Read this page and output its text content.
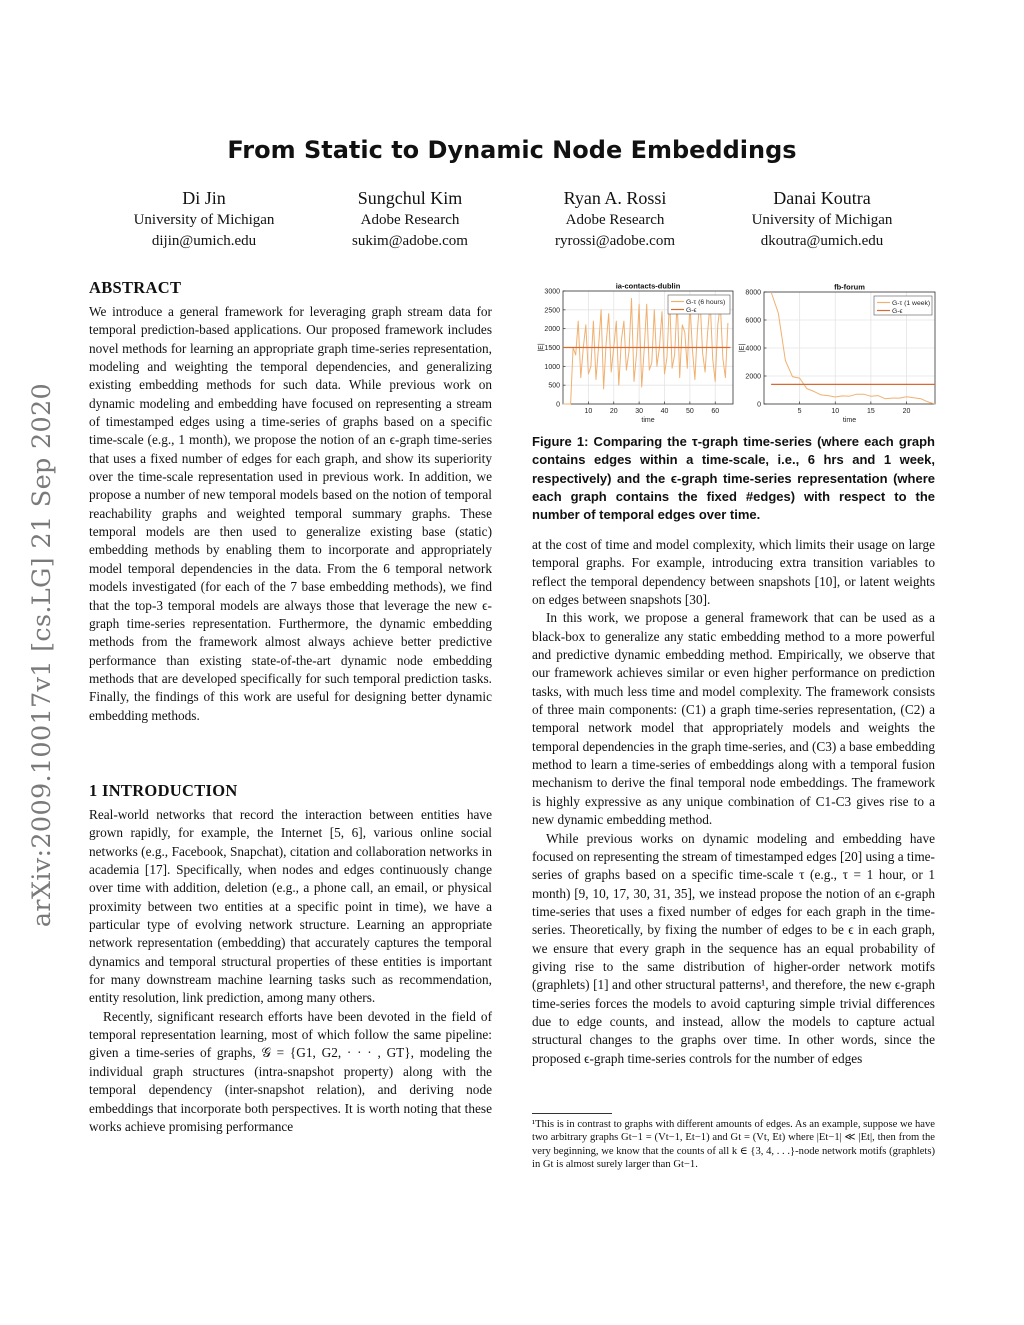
arXiv:2009.10017v1 [cs.LG] 21 Sep 2020
From Static to Dynamic Node Embeddings
Di Jin
University of Michigan
dijin@umich.edu
Sungchul Kim
Adobe Research
sukim@adobe.com
Ryan A. Rossi
Adobe Research
ryrossi@adobe.com
Danai Koutra
University of Michigan
dkoutra@umich.edu
ABSTRACT

We introduce a general framework for leveraging graph stream data for temporal prediction-based applications. Our proposed framework includes novel methods for learning an appropriate graph time-series representation, modeling and weighting the temporal dependencies, and generalizing existing embedding methods for such data. While previous work on dynamic modeling and embedding have focused on representing a stream of timestamped edges using a time-series of graphs based on a specific time-scale (e.g., 1 month), we propose the notion of an ϵ-graph time-series that uses a fixed number of edges for each graph, and show its superiority over the time-scale representation used in previous work. In addition, we propose a number of new temporal models based on the notion of temporal reachability graphs and weighted temporal summary graphs. These temporal models are then used to generalize existing base (static) embedding methods by enabling them to incorporate and appropriately model temporal dependencies in the data. From the 6 temporal network models investigated (for each of the 7 base embedding methods), we find that the top-3 temporal models are always those that leverage the new ϵ-graph time-series representation. Furthermore, the dynamic embedding methods from the framework almost always achieve better predictive performance than existing state-of-the-art dynamic node embedding methods that are developed specifically for such temporal prediction tasks. Finally, the findings of this work are useful for designing better dynamic embedding methods.

1 INTRODUCTION

Real-world networks that record the interaction between entities have grown rapidly, for example, the Internet [5, 6], various online social networks (e.g., Facebook, Snapchat), citation and collaboration networks in academia [17]. Specifically, when nodes and edges continuously change over time with addition, deletion (e.g., a phone call, an email, or physical proximity between two entities at a specific point in time), we have a particular type of evolving network structure. Learning an appropriate network representation (embedding) that accurately captures the temporal dynamics and temporal structural properties of these entities is important for many downstream machine learning tasks such as recommendation, entity resolution, link prediction, among many others.

Recently, significant research efforts have been devoted in the field of temporal representation learning, most of which follow the same pipeline: given a time-series of graphs, 𝒢 = {G1, G2, · · · , GT}, modeling the individual graph structures (intra-snapshot property) along with the temporal dependency (inter-snapshot relation), and deriving node embeddings that incorporate both perspectives. It is worth noting that these works achieve promising performance

10	20	30	40	50	60
0
500
1000
1500
2000
2500
3000
ia-contacts-dublin
time
|E|
G-τ (6 hours)
G-ϵ
5	10	15	20
0
2000
4000
6000
8000
fb-forum
time
|E|
G-τ (1 week)
G-ϵ
Figure 1: Comparing the τ-graph time-series (where each graph contains edges within a time-scale, i.e., 6 hrs and 1 week, respectively) and the ϵ-graph time-series representation (where each graph contains the fixed #edges) with respect to the number of temporal edges over time.

at the cost of time and model complexity, which limits their usage on large temporal graphs. For example, introducing extra transition variables to reflect the temporal dependency between snapshots [10], or latent weights on edges between snapshots [30].

In this work, we propose a general framework that can be used as a black-box to generalize any static embedding method to a more powerful and predictive dynamic embedding method. Empirically, we observe that our framework achieves similar or even higher performance on prediction tasks, with much less time and model complexity. The framework consists of three main components: (C1) a graph time-series representation, (C2) a temporal network model that appropriately models and weights the temporal dependencies in the graph time-series, and (C3) a base embedding method to learn a time-series of embeddings along with a temporal fusion mechanism to derive the final temporal node embeddings. The framework is highly expressive as any unique combination of C1-C3 gives rise to a new dynamic embedding method.

While previous works on dynamic modeling and embedding have focused on representing the stream of timestamped edges [20] using a time-series of graphs based on a specific time-scale τ (e.g., τ = 1 hour, or 1 month) [9, 10, 17, 30, 31, 35], we instead propose the notion of an ϵ-graph time-series that uses a fixed number of edges for each graph in the time-series. Theoretically, by fixing the number of edges to be ϵ in each graph, we ensure that every graph in the sequence has an equal probability of giving rise to the same distribution of higher-order network motifs (graphlets) [1] and other structural patterns¹, and therefore, the new ϵ-graph time-series forces the models to avoid capturing simple trivial differences due to edge counts, and instead, allow the models to capture actual structural changes to the graphs over time. In other words, since the proposed ϵ-graph time-series controls for the number of edges

¹This is in contrast to graphs with different amounts of edges. As an example, suppose we have two arbitrary graphs Gt−1 = (Vt−1, Et−1) and Gt = (Vt, Et) where |Et−1| ≪ |Et|, then from the very beginning, we know that the counts of all k ∈ {3, 4, . . .}-node network motifs (graphlets) in Gt is almost surely larger than Gt−1.
